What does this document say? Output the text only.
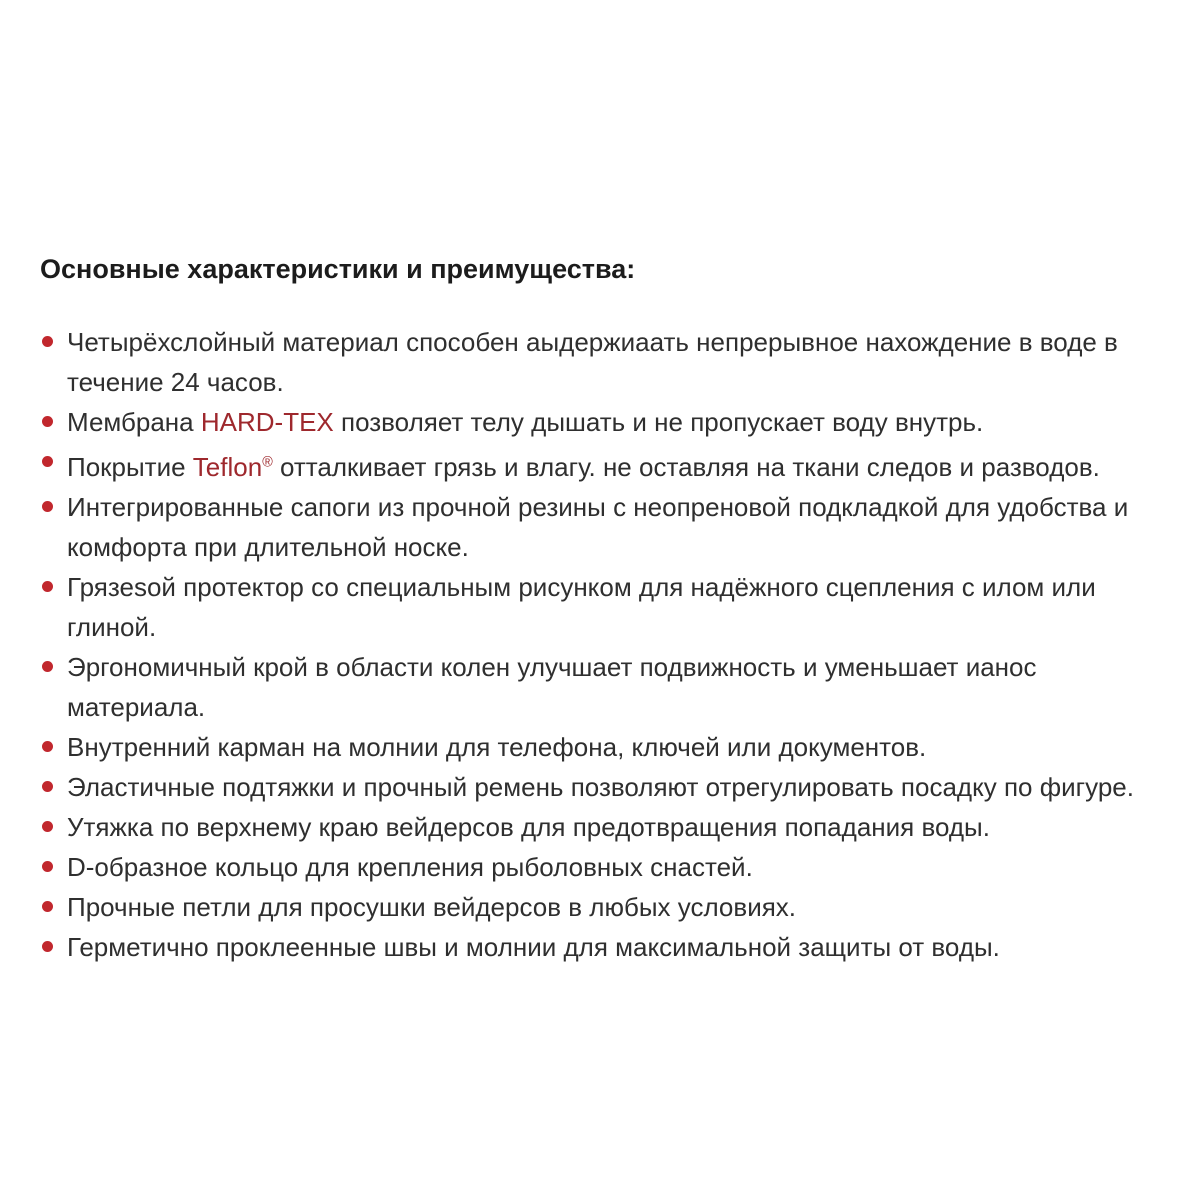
Основные характеристики и преимущества:
Четырёхслойный материал способен аыдержиаать непрерывное нахождение в воде в течение 24 часов.
Мембрана HARD-TEX позволяет телу дышать и не пропускает воду внутрь.
Покрытие Teflon® отталкивает грязь и влагу. не оставляя на ткани следов и разводов.
Интегрированные сапоги из прочной резины с неопреновой подкладкой для удобства и комфорта при длительной носке.
Грязеsой протектор со специальным рисунком для надёжного сцепления с илом или глиной.
Эргономичный крой в области колен улучшает подвижность и уменьшает ианос материала.
Внутренний карман на молнии для телефона, ключей или документов.
Эластичные подтяжки и прочный ремень позволяют отрегулировать посадку по фигуре.
Утяжка по верхнему краю вейдерсов для предотвращения попадания воды.
D-образное кольцо для крепления рыболовных снастей.
Прочные петли для просушки вейдерсов в любых условиях.
Герметично проклеенные швы и молнии для максимальной защиты от воды.
